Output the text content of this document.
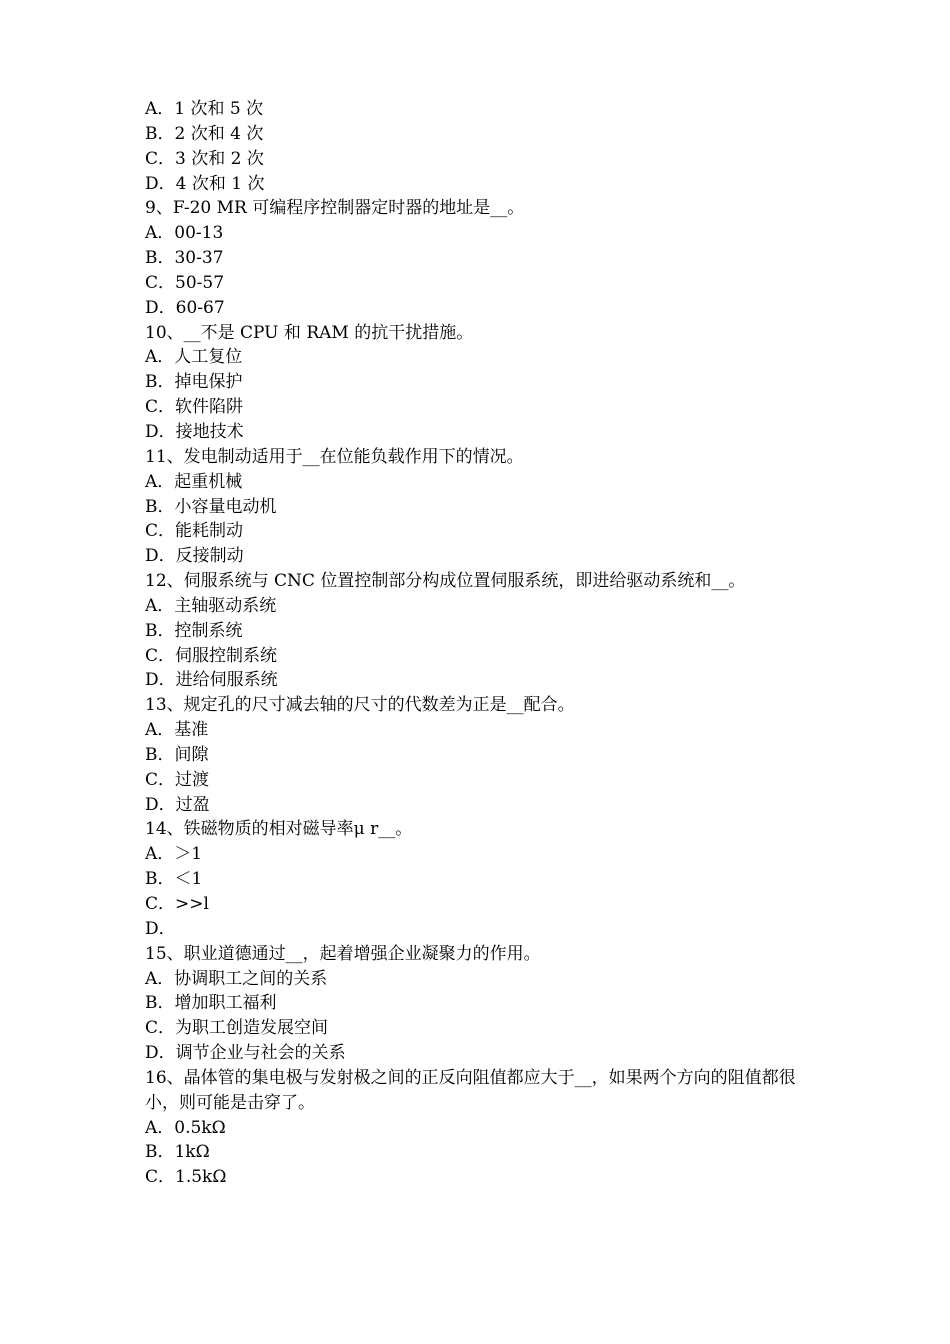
A．1 次和 5 次
B．2 次和 4 次
C．3 次和 2 次
D．4 次和 1 次
9、F-20 MR 可编程序控制器定时器的地址是__。
A．00-13
B．30-37
C．50-57
D．60-67
10、__不是 CPU 和 RAM 的抗干扰措施。
A．人工复位
B．掉电保护
C．软件陷阱
D．接地技术
11、发电制动适用于__在位能负载作用下的情况。
A．起重机械
B．小容量电动机
C．能耗制动
D．反接制动
12、伺服系统与 CNC 位置控制部分构成位置伺服系统，即进给驱动系统和__。
A．主轴驱动系统
B．控制系统
C．伺服控制系统
D．进给伺服系统
13、规定孔的尺寸减去轴的尺寸的代数差为正是__配合。
A．基准
B．间隙
C．过渡
D．过盈
14、铁磁物质的相对磁导率μ r__。
A．＞1
B．＜1
C．>>l
D．
15、职业道德通过__，起着增强企业凝聚力的作用。
A．协调职工之间的关系
B．增加职工福利
C．为职工创造发展空间
D．调节企业与社会的关系
16、晶体管的集电极与发射极之间的正反向阻值都应大于__，如果两个方向的阻值都很小，则可能是击穿了。
A．0.5kΩ
B．1kΩ
C．1.5kΩ
